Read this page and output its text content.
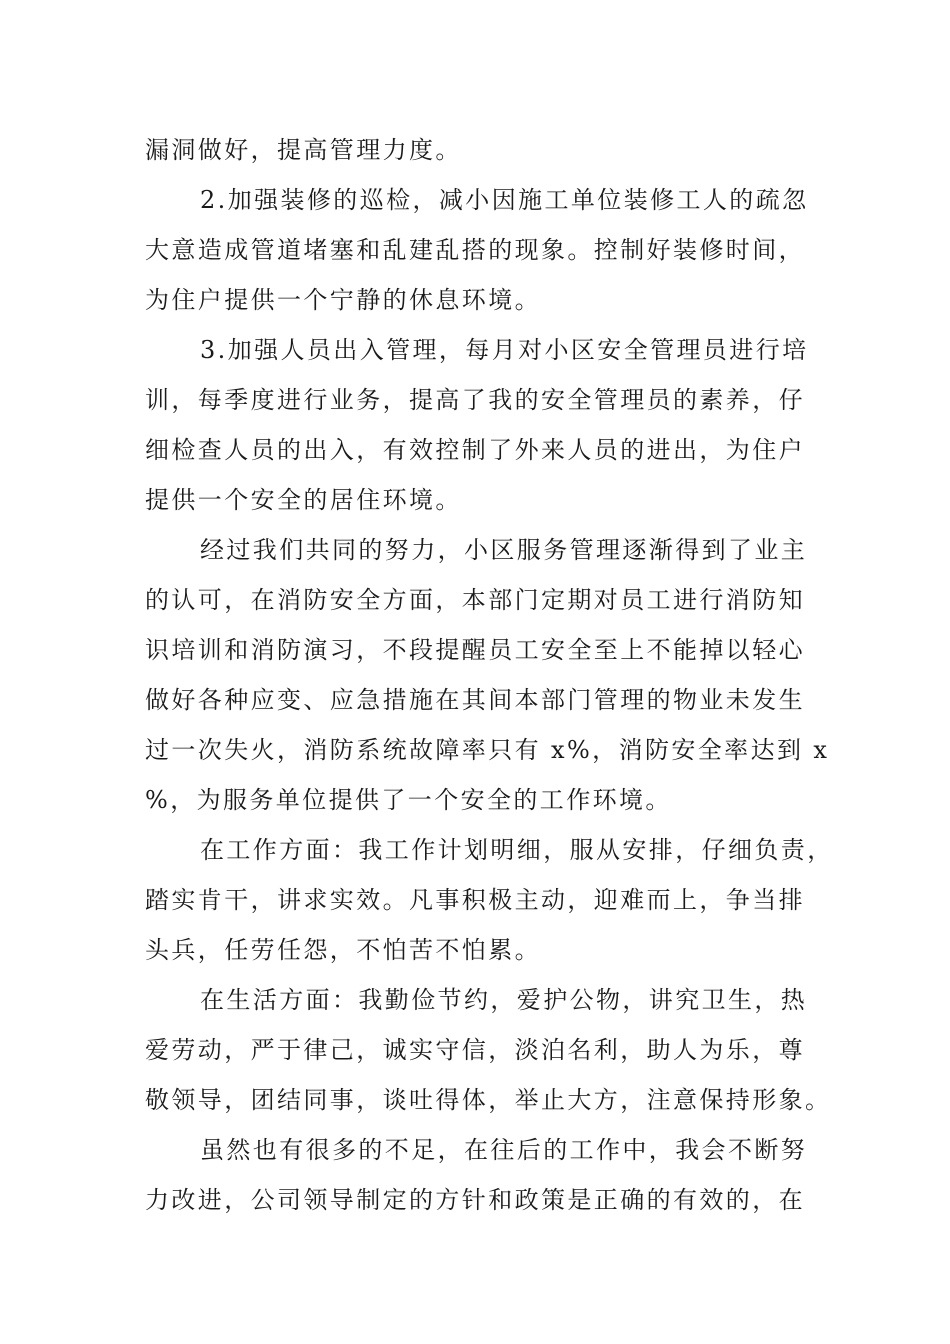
漏洞做好，提高管理力度。
2.加强装修的巡检，减小因施工单位装修工人的疏忽
大意造成管道堵塞和乱建乱搭的现象。控制好装修时间，
为住户提供一个宁静的休息环境。
3.加强人员出入管理，每月对小区安全管理员进行培
训，每季度进行业务，提高了我的安全管理员的素养，仔
细检查人员的出入，有效控制了外来人员的进出，为住户
提供一个安全的居住环境。
经过我们共同的努力，小区服务管理逐渐得到了业主
的认可，在消防安全方面，本部门定期对员工进行消防知
识培训和消防演习，不段提醒员工安全至上不能掉以轻心
做好各种应变、应急措施在其间本部门管理的物业未发生
过一次失火，消防系统故障率只有 x%，消防安全率达到 x
%，为服务单位提供了一个安全的工作环境。
在工作方面：我工作计划明细，服从安排，仔细负责，
踏实肯干，讲求实效。凡事积极主动，迎难而上，争当排
头兵，任劳任怨，不怕苦不怕累。
在生活方面：我勤俭节约，爱护公物，讲究卫生，热
爱劳动，严于律己，诚实守信，淡泊名利，助人为乐，尊
敬领导，团结同事，谈吐得体，举止大方，注意保持形象。
虽然也有很多的不足，在往后的工作中，我会不断努
力改进，公司领导制定的方针和政策是正确的有效的，在
